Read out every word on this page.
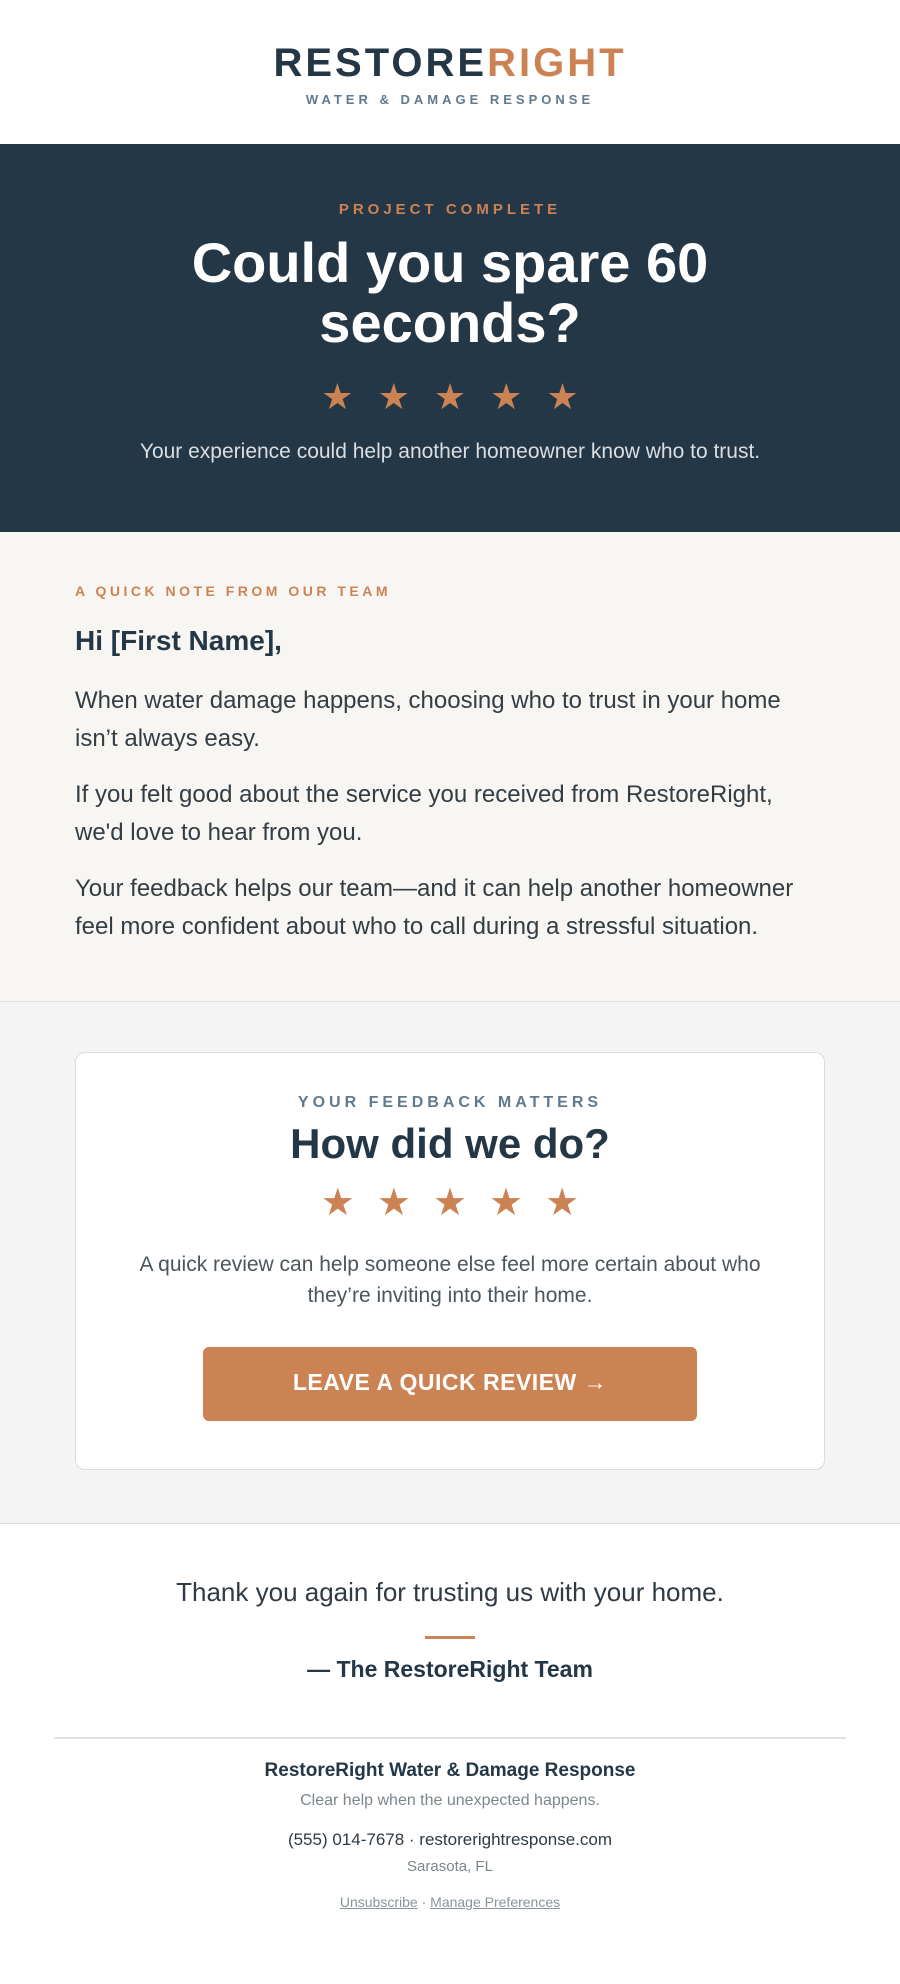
RESTORERIGHT
WATER & DAMAGE RESPONSE
PROJECT COMPLETE
Could you spare 60 seconds?
★ ★ ★ ★ ★
Your experience could help another homeowner know who to trust.
A QUICK NOTE FROM OUR TEAM
Hi [First Name],
When water damage happens, choosing who to trust in your home isn’t always easy.
If you felt good about the service you received from RestoreRight, we'd love to hear from you.
Your feedback helps our team—and it can help another homeowner feel more confident about who to call during a stressful situation.
YOUR FEEDBACK MATTERS
How did we do?
★ ★ ★ ★ ★
A quick review can help someone else feel more certain about who they’re inviting into their home.
LEAVE A QUICK REVIEW →
Thank you again for trusting us with your home.
— The RestoreRight Team
RestoreRight Water & Damage Response
Clear help when the unexpected happens.
(555) 014-7678 · restorerightresponse.com
Sarasota, FL
Unsubscribe · Manage Preferences
